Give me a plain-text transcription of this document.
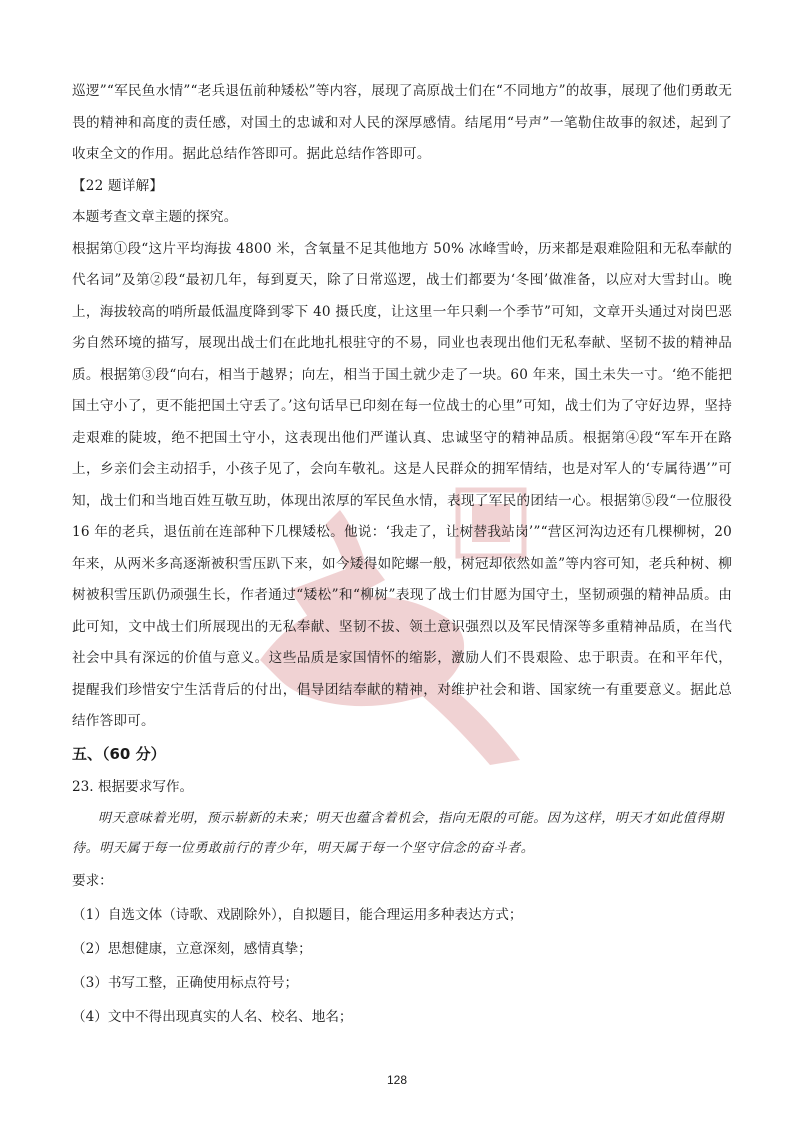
巡逻”“军民鱼水情”“老兵退伍前种矮松”等内容，展现了高原战士们在“不同地方”的故事，展现了他们勇敢无畏的精神和高度的责任感，对国土的忠诚和对人民的深厚感情。结尾用“号声”一笔勒住故事的叙述，起到了收束全文的作用。据此总结作答即可。据此总结作答即可。

【22 题详解】

本题考查文章主题的探究。

根据第①段“这片平均海拔 4800 米，含氧量不足其他地方 50% 冰峰雪岭，历来都是艰难险阻和无私奉献的代名词”及第②段“最初几年，每到夏天，除了日常巡逻，战士们都要为‘冬囤’做准备，以应对大雪封山。晚上，海拔较高的哨所最低温度降到零下 40 摄氏度，让这里一年只剩一个季节”可知，文章开头通过对岗巴恶劣自然环境的描写，展现出战士们在此地扎根驻守的不易，同业也表现出他们无私奉献、坚韧不拔的精神品质。根据第③段“向右，相当于越界；向左，相当于国土就少走了一块。60 年来，国土未失一寸。‘绝不能把国土守小了，更不能把国土守丢了。’这句话早已印刻在每一位战士的心里”可知，战士们为了守好边界，坚持走艰难的陡坡，绝不把国土守小，这表现出他们严谨认真、忠诚坚守的精神品质。根据第④段“军车开在路上，乡亲们会主动招手，小孩子见了，会向车敬礼。这是人民群众的拥军情结，也是对军人的‘专属待遇’”可知，战士们和当地百姓互敬互助，体现出浓厚的军民鱼水情，表现了军民的团结一心。根据第⑤段“一位服役 16 年的老兵，退伍前在连部种下几棵矮松。他说：‘我走了，让树替我站岗’”“营区河沟边还有几棵柳树，20 年来，从两米多高逐渐被积雪压趴下来，如今矮得如陀螺一般，树冠却依然如盖”等内容可知，老兵种树、柳树被积雪压趴仍顽强生长，作者通过“矮松”和“柳树”表现了战士们甘愿为国守土，坚韧顽强的精神品质。由此可知，文中战士们所展现出的无私奉献、坚韧不拔、领土意识强烈以及军民情深等多重精神品质，在当代社会中具有深远的价值与意义。这些品质是家国情怀的缩影，激励人们不畏艰险、忠于职责。在和平年代，提醒我们珍惜安宁生活背后的付出，倡导团结奉献的精神，对维护社会和谐、国家统一有重要意义。据此总结作答即可。

五、（60 分）

23. 根据要求写作。

明天意味着光明，预示崭新的未来；明天也蕴含着机会，指向无限的可能。因为这样，明天才如此值得期待。明天属于每一位勇敢前行的青少年，明天属于每一个坚守信念的奋斗者。

要求：

（1）自选文体（诗歌、戏剧除外），自拟题目，能合理运用多种表达方式；

（2）思想健康，立意深刻，感情真挚；

（3）书写工整，正确使用标点符号；

（4）文中不得出现真实的人名、校名、地名；

128
